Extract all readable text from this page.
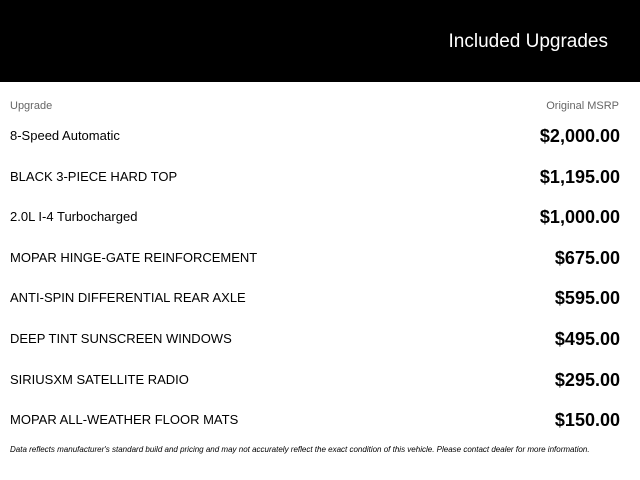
Included Upgrades
Upgrade	Original MSRP
8-Speed Automatic	$2,000.00
BLACK 3-PIECE HARD TOP	$1,195.00
2.0L I-4 Turbocharged	$1,000.00
MOPAR HINGE-GATE REINFORCEMENT	$675.00
ANTI-SPIN DIFFERENTIAL REAR AXLE	$595.00
DEEP TINT SUNSCREEN WINDOWS	$495.00
SIRIUSXM SATELLITE RADIO	$295.00
MOPAR ALL-WEATHER FLOOR MATS	$150.00
Data reflects manufacturer's standard build and pricing and may not accurately reflect the exact condition of this vehicle. Please contact dealer for more information.
